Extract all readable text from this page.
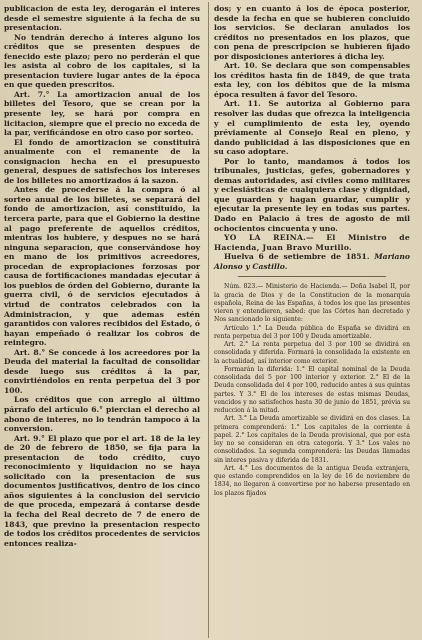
publicacion de esta ley, derogarán el interes desde el semestre siguiente á la fecha de su presentacion.

No tendrán derecho á interes alguno los créditos que se presenten despues de fenecido este plazo; pero no perderán el que les asista al cobro de los capitales, si la presentacion tuviere lugar antes de la época en que queden prescritos.

Art. 7.° La amortizacion anual de los billetes del Tesoro, que se crean por la presente ley, se hará por compra en licitacion, siempre que el precio no exceda de la par, verificándose en otro caso por sorteo.

El fondo de amortizacion se constituirá anualmente con el remanente de la consignacion hecha en el presupuesto general, despues de satisfechos los intereses de los billetes no amortizados á la sazon.

Antes de procederse á la compra ó al sorteo anual de los billetes, se separará del fondo de amortizacion, así constituido, la tercera parte, para que el Gobierno la destine al pago preferente de aquellos créditos, mientras los hubiere, y despues no se hará ninguna separacion, que conservándose hoy en mano de los primitivos acreedores, procedan de expropiaciones forzosas por causa de fortificaciones mandadas ejecutar á los pueblos de órden del Gobierno, durante la guerra civil, ó de servicios ejecutados á virtud de contratos celebrados con la Administracion, y que ademas estén garantidos con valores recibidos del Estado, ó hayan empeñado ó realizar los cobros de reintegro.

Art. 8.° Se concede á los acreedores por la Deuda del material la facultad de consolidar desde luego sus créditos á la par, convirtiéndolos en renta perpetua del 3 por 100.

Los créditos que con arreglo al último párrafo del artículo 6.° piercian el derecho al abono de interes, no lo tendrán tampoco á la conversion.

Art. 9.° El plazo que por el art. 18 de la ley de 20 de febrero de 1850, se fija para la presentacion de todo crédito, cuyo reconocimiento y liquidacion no se haya solicitado con la presentacion de sus documentos justificativos, dentro de los cinco años siguientes á la conclusion del servicio de que proceda, empezará á contarse desde la fecha del Real decreto de 7 de enero de 1843, que previno la presentacion respecto de todos los créditos procedentes de servicios entonces realiza-

dos; y en cuanto á los de época posterior, desde la fecha en que se hubieren concluido los servicios. Se declaran anulados los créditos no presentados en los plazos, que con pena de prescripcion se hubieren fijado por disposiciones anteriores á dicha ley.

Art. 10. Se declara que son compensables los créditos hasta fin de 1849, de que trata esta ley, con los débitos que de la misma época resulten á favor del Tesoro.

Art. 11. Se autoriza al Gobierno para resolver las dudas que ofrezca la inteligencia y el cumplimiento de esta ley, oyendo préviamente al Consejo Real en pleno, y dando publicidad á las disposiciones que en su caso adoptare.

Por lo tanto, mandamos á todos los tribunales, justicias, gefes, gobernadores y demas autoridades, así civiles como militares y eclesiásticas de cualquiera clase y dignidad, que guarden y hagan guardar, cumplir y ejecutar la presente ley en todas sus partes. Dado en Palacio á tres de agosto de mil ochocientos cincuenta y uno.

YO LA REINA.— El Ministro de Hacienda, Juan Bravo Murillo.

Huelva 6 de setiembre de 1851. Mariano Alonso y Castillo.

Núm. 823.— Ministerio de Hacienda.— Doña Isabel II, por la gracia de Dios y de la Constitucion de la monarquía española, Reina de las Españas, á todos los que las presentes vieren y entendieren, sabed: que las Córtes han decretado y Nos sancionado lo siguiente:

Artículo 1.° La Deuda pública de España se dividirá en renta perpetua del 3 por 100 y Deuda amortizable.

Art. 2.° La renta perpetua del 3 por 100 se dividirá en consolidada y diferida. Formará la consolidada la existente en la actualidad, así interior como exterior.

Formarán la diferida: 1.° El capital nominal de la Deuda consolidada del 5 por 100 interior y exterior. 2.° El de la Deuda consolidada del 4 por 100, reducido antes á sus quintas partes. Y 3.° El de los intereses de estas mismas Deudas, vencidos y no satisfechos hasta 30 de junio de 1851, prévia su reduccion á la mitad.

Art. 3.° La Deuda amortizable se dividirá en dos clases. La primera comprenderá: 1.° Los capitales de la corriente á papel. 2.° Los capitales de la Deuda provisional, que por esta ley no se consideran en otra categoría. Y 3.° Los vales no consolidados. La segunda comprenderá: las Deudas llamadas sin interes pasiva y diferida de 1831.

Art. 4.° Los documentos de la antigua Deuda extranjera, que estando comprendidos en la ley de 16 de noviembre de 1834, no llegaron á convertirse por no haberse presentado en los plazos fijados
